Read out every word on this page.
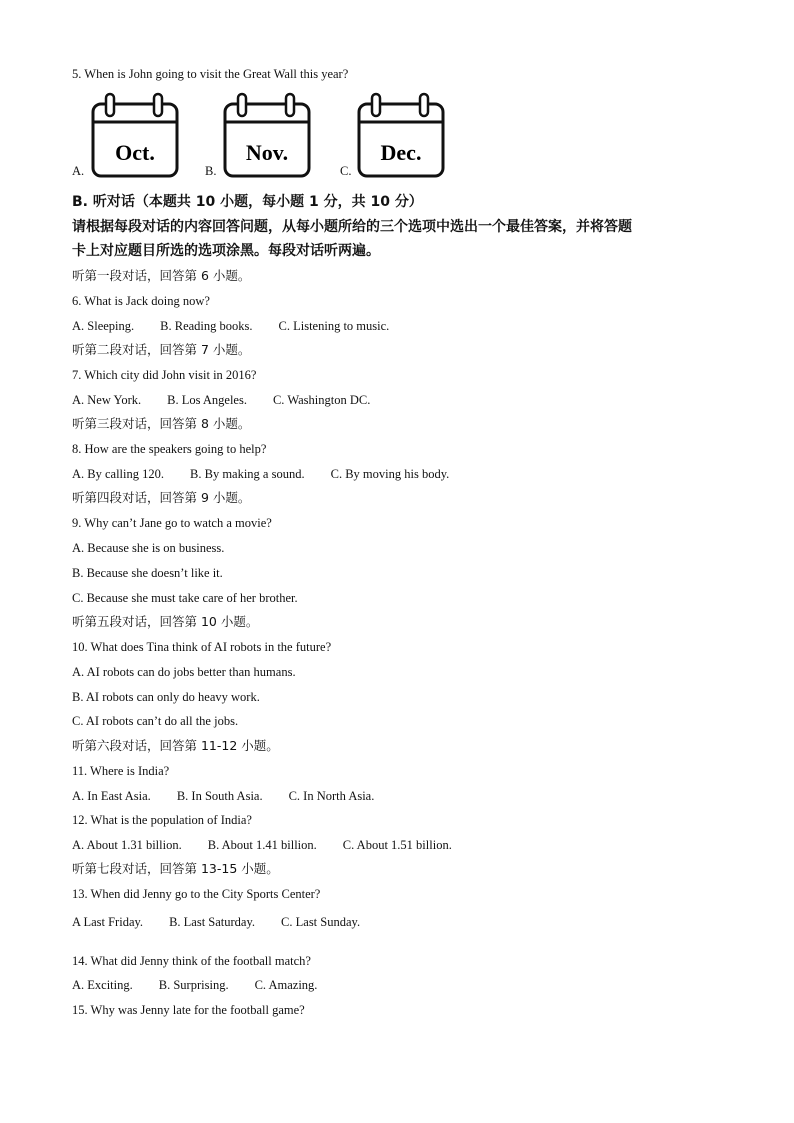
5. When is John going to visit the Great Wall this year?
A.
Oct.
B.
Nov.
C.
Dec.
B. 听对话（本题共 10 小题，每小题 1 分，共 10 分）
请根据每段对话的内容回答问题，从每小题所给的三个选项中选出一个最佳答案，并将答题
卡上对应题目所选的选项涂黑。每段对话听两遍。
听第一段对话，回答第 6 小题。
6. What is Jack doing now?
A. Sleeping. B. Reading books. C. Listening to music.
听第二段对话，回答第 7 小题。
7. Which city did John visit in 2016?
A. New York. B. Los Angeles. C. Washington DC.
听第三段对话，回答第 8 小题。
8. How are the speakers going to help?
A. By calling 120. B. By making a sound. C. By moving his body.
听第四段对话，回答第 9 小题。
9. Why can’t Jane go to watch a movie?
A. Because she is on business.
B. Because she doesn’t like it.
C. Because she must take care of her brother.
听第五段对话，回答第 10 小题。
10. What does Tina think of AI robots in the future?
A. AI robots can do jobs better than humans.
B. AI robots can only do heavy work.
C. AI robots can’t do all the jobs.
听第六段对话，回答第 11-12 小题。
11. Where is India?
A. In East Asia. B. In South Asia. C. In North Asia.
12. What is the population of India?
A. About 1.31 billion. B. About 1.41 billion. C. About 1.51 billion.
听第七段对话，回答第 13-15 小题。
13. When did Jenny go to the City Sports Center?
A Last Friday. B. Last Saturday. C. Last Sunday.
14. What did Jenny think of the football match?
A. Exciting. B. Surprising. C. Amazing.
15. Why was Jenny late for the football game?
